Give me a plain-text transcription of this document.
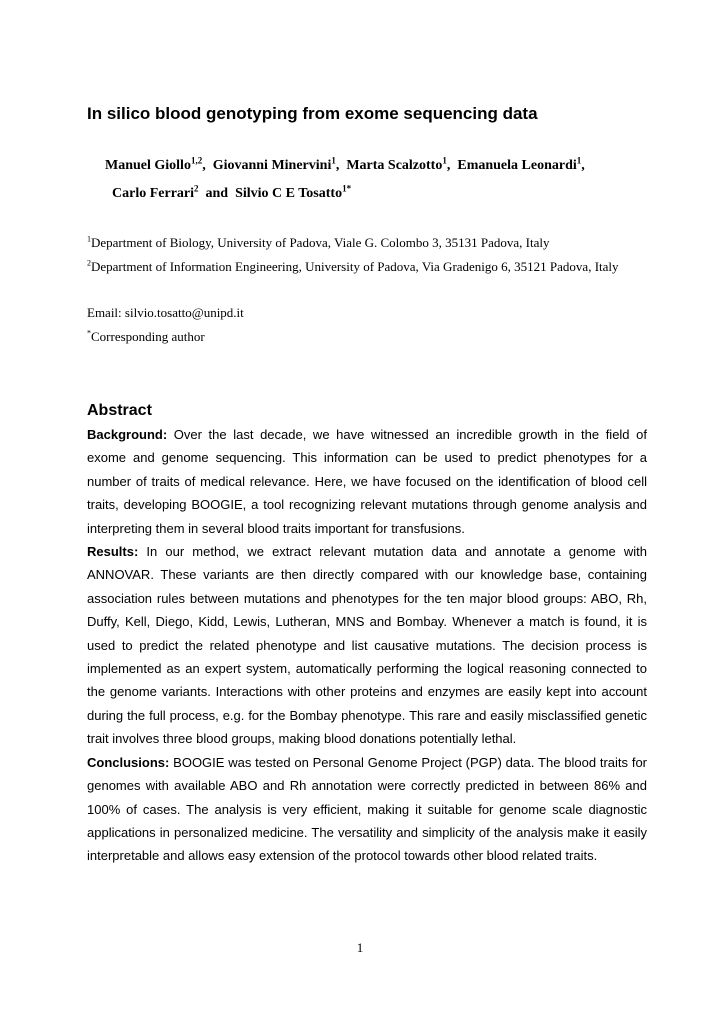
In silico blood genotyping from exome sequencing data
Manuel Giollo$^{1,2}$,  Giovanni Minervini$^1$,  Marta Scalzotto$^1$,  Emanuela Leonardi$^1$,
Carlo Ferrari$^2$  and  Silvio C E Tosatto$^{1*}$
$^1$Department of Biology, University of Padova, Viale G. Colombo 3, 35131 Padova, Italy
$^2$Department of Information Engineering, University of Padova, Via Gradenigo 6, 35121 Padova, Italy
Email: silvio.tosatto@unipd.it
*Corresponding author
Abstract

Background: Over the last decade, we have witnessed an incredible growth in the field of exome and genome sequencing. This information can be used to predict phenotypes for a number of traits of medical relevance. Here, we have focused on the identification of blood cell traits, developing BOOGIE, a tool recognizing relevant mutations through genome analysis and interpreting them in several blood traits important for transfusions.

Results: In our method, we extract relevant mutation data and annotate a genome with ANNOVAR. These variants are then directly compared with our knowledge base, containing association rules between mutations and phenotypes for the ten major blood groups: ABO, Rh, Duffy, Kell, Diego, Kidd, Lewis, Lutheran, MNS and Bombay. Whenever a match is found, it is used to predict the related phenotype and list causative mutations. The decision process is implemented as an expert system, automatically performing the logical reasoning connected to the genome variants. Interactions with other proteins and enzymes are easily kept into account during the full process, e.g. for the Bombay phenotype. This rare and easily misclassified genetic trait involves three blood groups, making blood donations potentially lethal.

Conclusions: BOOGIE was tested on Personal Genome Project (PGP) data. The blood traits for genomes with available ABO and Rh annotation were correctly predicted in between 86% and 100% of cases. The analysis is very efficient, making it suitable for genome scale diagnostic applications in personalized medicine. The versatility and simplicity of the analysis make it easily interpretable and allows easy extension of the protocol towards other blood related traits.

1
